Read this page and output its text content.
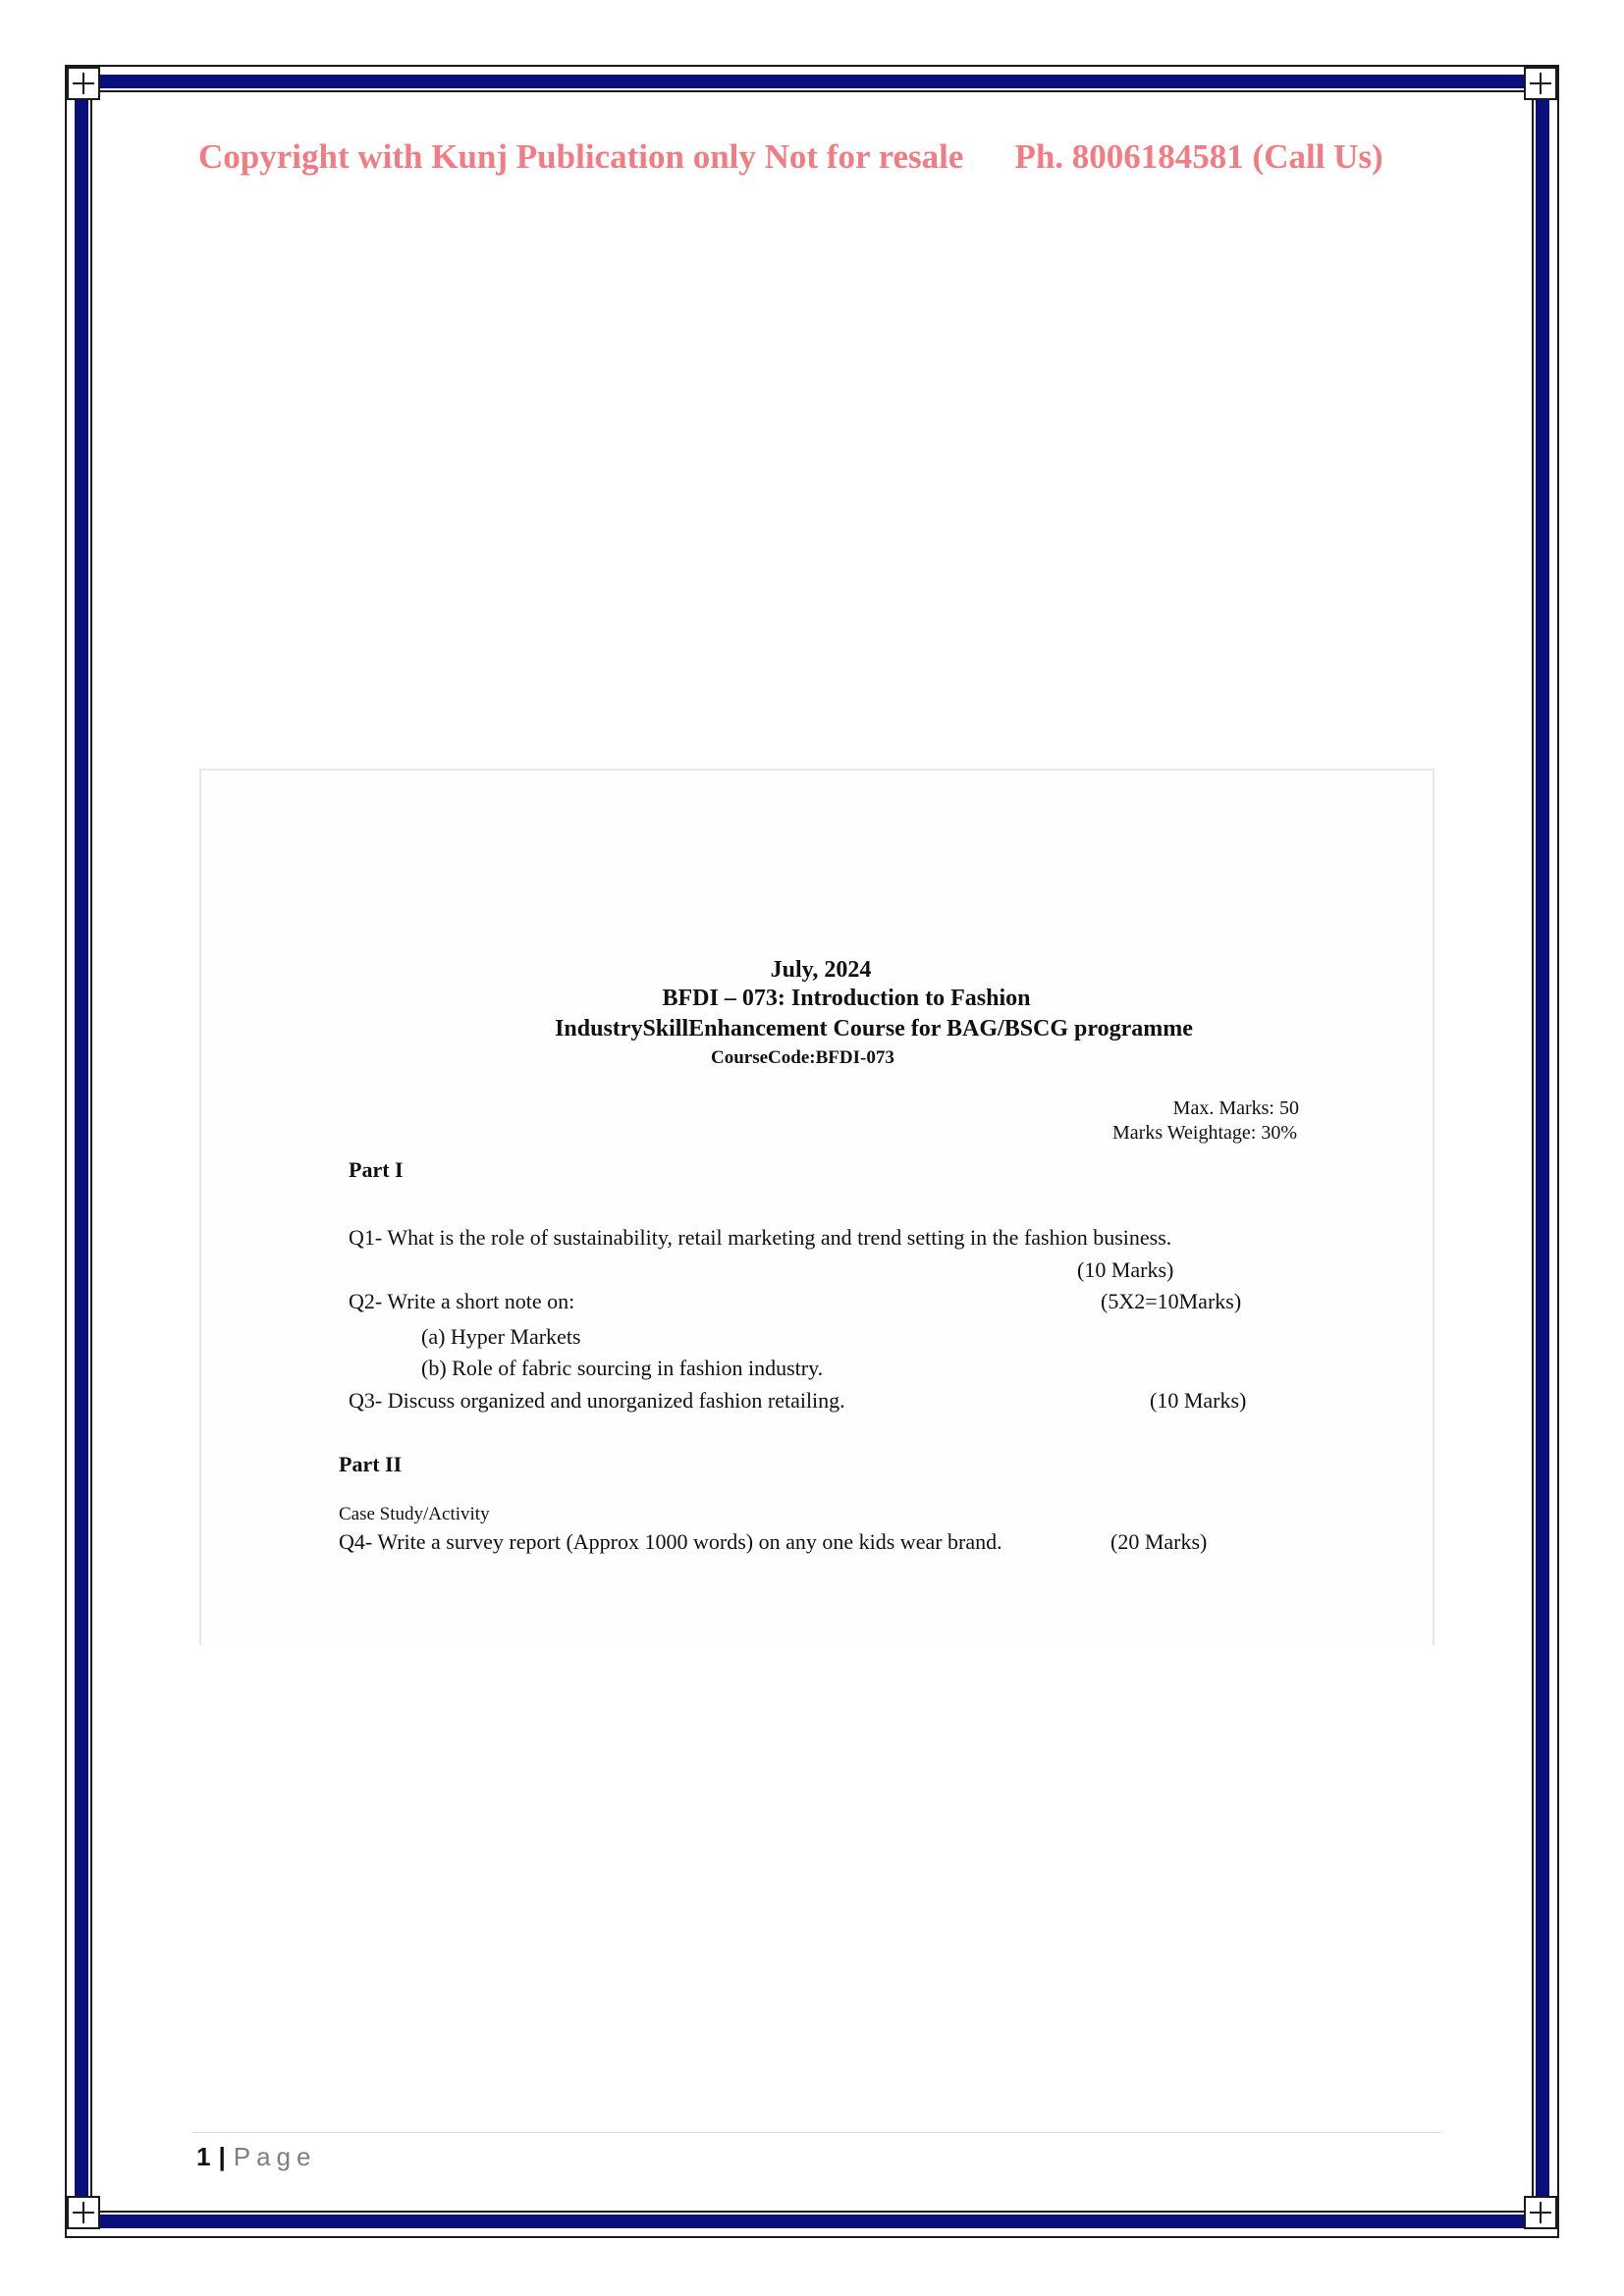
Copyright with Kunj Publication only Not for resale Ph. 8006184581 (Call Us)
July, 2024
BFDI – 073: Introduction to Fashion
IndustrySkillEnhancement Course for BAG/BSCG programme
CourseCode:BFDI-073
Max. Marks: 50
Marks Weightage: 30%
Part I
Q1- What is the role of sustainability, retail marketing and trend setting in the fashion business.
(10 Marks)
Q2- Write a short note on:	(5X2=10Marks)
(a) Hyper Markets
(b) Role of fabric sourcing in fashion industry.
Q3- Discuss organized and unorganized fashion retailing.	(10 Marks)
Part II
Case Study/Activity
Q4- Write a survey report (Approx 1000 words) on any one kids wear brand.	(20 Marks)
1 | Page
